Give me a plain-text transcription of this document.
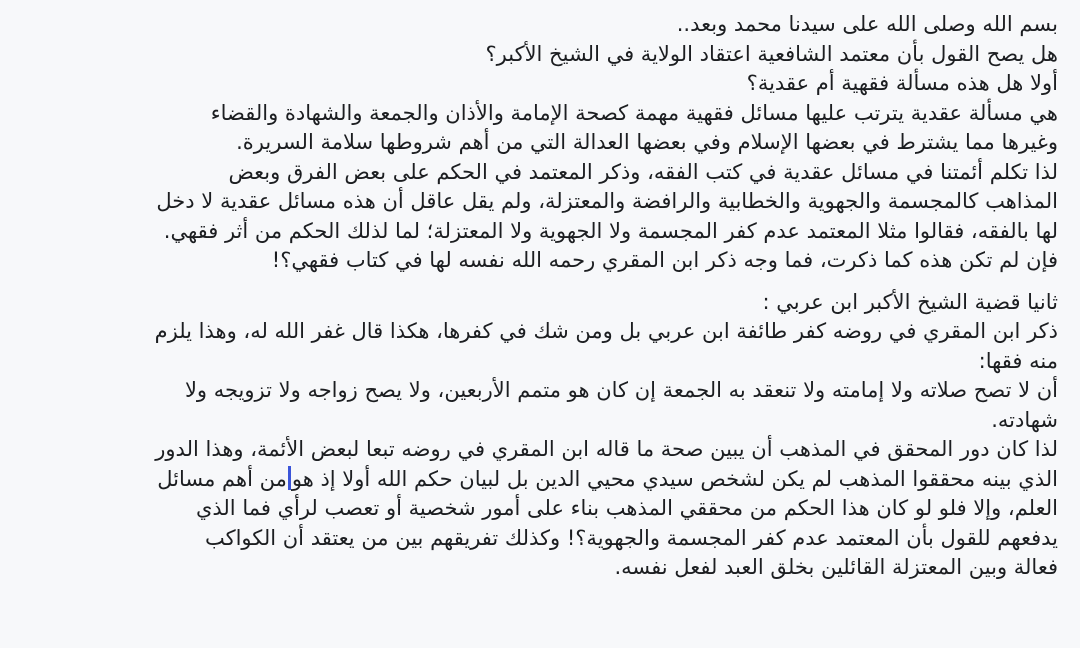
بسم الله وصلى الله على سيدنا محمد وبعد..

هل يصح القول بأن معتمد الشافعية اعتقاد الولاية في الشيخ الأكبر؟

أولا هل هذه مسألة فقهية أم عقدية؟

هي مسألة عقدية يترتب عليها مسائل فقهية مهمة كصحة الإمامة والأذان والجمعة والشهادة والقضاء

وغيرها مما يشترط في بعضها الإسلام وفي بعضها العدالة التي من أهم شروطها سلامة السريرة.

لذا تكلم أئمتنا في مسائل عقدية في كتب الفقه، وذكر المعتمد في الحكم على بعض الفرق وبعض

المذاهب كالمجسمة والجهوية والخطابية والرافضة والمعتزلة، ولم يقل عاقل أن هذه مسائل عقدية لا دخل

لها بالفقه، فقالوا مثلا المعتمد عدم كفر المجسمة ولا الجهوية ولا المعتزلة؛ لما لذلك الحكم من أثر فقهي.

فإن لم تكن هذه كما ذكرت، فما وجه ذكر ابن المقري رحمه الله نفسه لها في كتاب فقهي؟!

ثانيا قضية الشيخ الأكبر ابن عربي :

ذكر ابن المقري في روضه كفر طائفة ابن عربي بل ومن شك في كفرها، هكذا قال غفر الله له، وهذا يلزم

منه فقها:

أن لا تصح صلاته ولا إمامته ولا تنعقد به الجمعة إن كان هو متمم الأربعين، ولا يصح زواجه ولا تزويجه ولا

شهادته.

لذا كان دور المحقق في المذهب أن يبين صحة ما قاله ابن المقري في روضه تبعا لبعض الأئمة، وهذا الدور

الذي بينه محققوا المذهب لم يكن لشخص سيدي محيي الدين بل لبيان حكم الله أولا إذ هومن أهم مسائل

العلم، وإلا فلو لو كان هذا الحكم من محققي المذهب بناء على أمور شخصية أو تعصب لرأي فما الذي

يدفعهم للقول بأن المعتمد عدم كفر المجسمة والجهوية؟! وكذلك تفريقهم بين من يعتقد أن الكواكب

فعالة وبين المعتزلة القائلين بخلق العبد لفعل نفسه.
